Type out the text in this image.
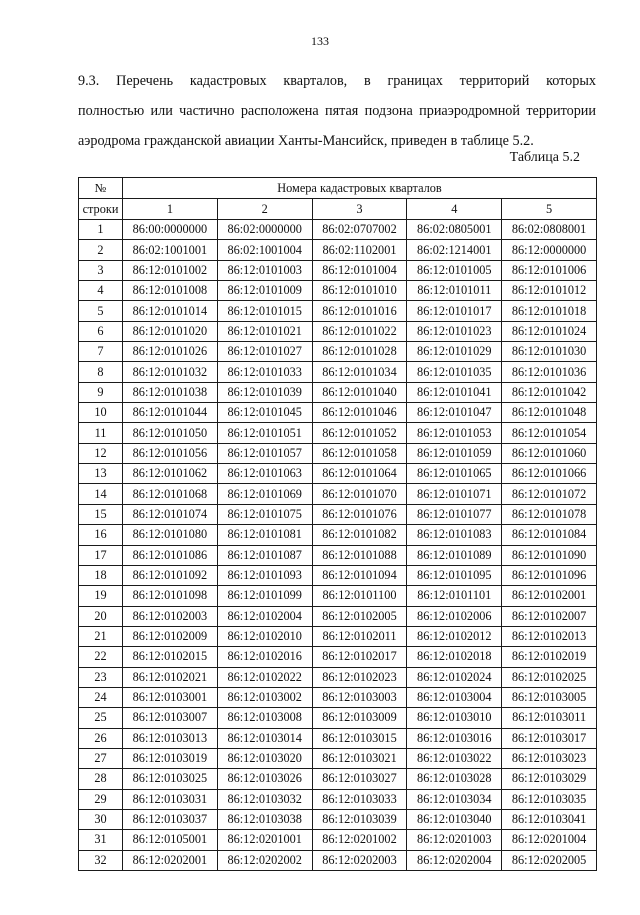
133

9.3. Перечень кадастровых кварталов, в границах территорий которых
полностью или частично расположена пятая подзона приаэродромной территории
аэродрома гражданской авиации Ханты-Мансийск, приведен в таблице 5.2.

Таблица 5.2
№	Номера кадастровых кварталов				
строки	1	2	3	4	5
1	86:00:0000000	86:02:0000000	86:02:0707002	86:02:0805001	86:02:0808001
2	86:02:1001001	86:02:1001004	86:02:1102001	86:02:1214001	86:12:0000000
3	86:12:0101002	86:12:0101003	86:12:0101004	86:12:0101005	86:12:0101006
4	86:12:0101008	86:12:0101009	86:12:0101010	86:12:0101011	86:12:0101012
5	86:12:0101014	86:12:0101015	86:12:0101016	86:12:0101017	86:12:0101018
6	86:12:0101020	86:12:0101021	86:12:0101022	86:12:0101023	86:12:0101024
7	86:12:0101026	86:12:0101027	86:12:0101028	86:12:0101029	86:12:0101030
8	86:12:0101032	86:12:0101033	86:12:0101034	86:12:0101035	86:12:0101036
9	86:12:0101038	86:12:0101039	86:12:0101040	86:12:0101041	86:12:0101042
10	86:12:0101044	86:12:0101045	86:12:0101046	86:12:0101047	86:12:0101048
11	86:12:0101050	86:12:0101051	86:12:0101052	86:12:0101053	86:12:0101054
12	86:12:0101056	86:12:0101057	86:12:0101058	86:12:0101059	86:12:0101060
13	86:12:0101062	86:12:0101063	86:12:0101064	86:12:0101065	86:12:0101066
14	86:12:0101068	86:12:0101069	86:12:0101070	86:12:0101071	86:12:0101072
15	86:12:0101074	86:12:0101075	86:12:0101076	86:12:0101077	86:12:0101078
16	86:12:0101080	86:12:0101081	86:12:0101082	86:12:0101083	86:12:0101084
17	86:12:0101086	86:12:0101087	86:12:0101088	86:12:0101089	86:12:0101090
18	86:12:0101092	86:12:0101093	86:12:0101094	86:12:0101095	86:12:0101096
19	86:12:0101098	86:12:0101099	86:12:0101100	86:12:0101101	86:12:0102001
20	86:12:0102003	86:12:0102004	86:12:0102005	86:12:0102006	86:12:0102007
21	86:12:0102009	86:12:0102010	86:12:0102011	86:12:0102012	86:12:0102013
22	86:12:0102015	86:12:0102016	86:12:0102017	86:12:0102018	86:12:0102019
23	86:12:0102021	86:12:0102022	86:12:0102023	86:12:0102024	86:12:0102025
24	86:12:0103001	86:12:0103002	86:12:0103003	86:12:0103004	86:12:0103005
25	86:12:0103007	86:12:0103008	86:12:0103009	86:12:0103010	86:12:0103011
26	86:12:0103013	86:12:0103014	86:12:0103015	86:12:0103016	86:12:0103017
27	86:12:0103019	86:12:0103020	86:12:0103021	86:12:0103022	86:12:0103023
28	86:12:0103025	86:12:0103026	86:12:0103027	86:12:0103028	86:12:0103029
29	86:12:0103031	86:12:0103032	86:12:0103033	86:12:0103034	86:12:0103035
30	86:12:0103037	86:12:0103038	86:12:0103039	86:12:0103040	86:12:0103041
31	86:12:0105001	86:12:0201001	86:12:0201002	86:12:0201003	86:12:0201004
32	86:12:0202001	86:12:0202002	86:12:0202003	86:12:0202004	86:12:0202005
